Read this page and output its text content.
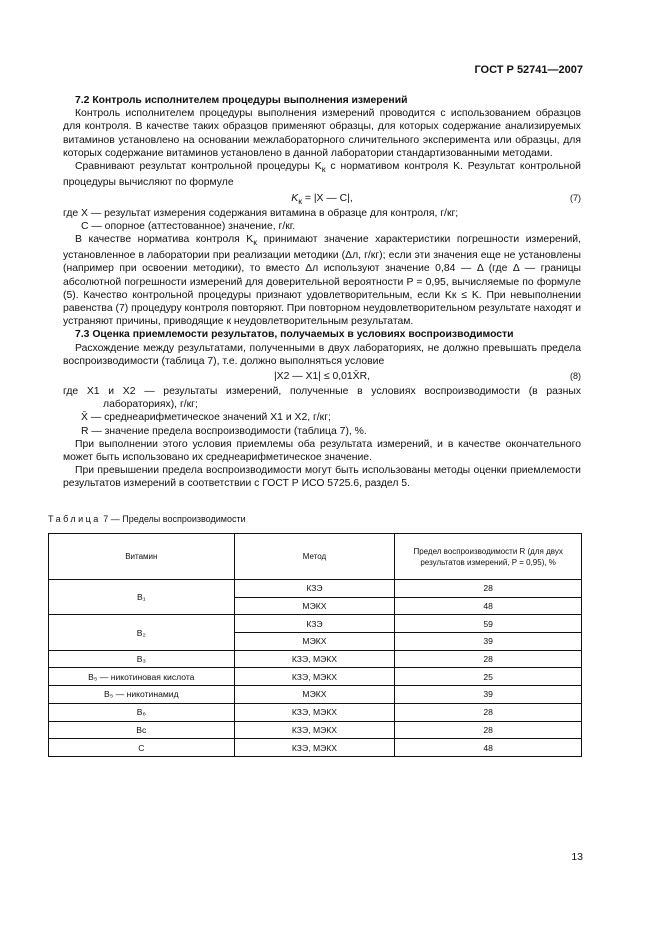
ГОСТ Р 52741—2007

7.2 Контроль исполнителем процедуры выполнения измерений

Контроль исполнителем процедуры выполнения измерений проводится с использованием образцов для контроля. В качестве таких образцов применяют образцы, для которых содержание анализируемых витаминов установлено на основании межлабораторного сличительного эксперимента или образцы, для которых содержание витаминов установлено в данной лаборатории стандартизованными методами.

Сравнивают результат контрольной процедуры $K_к$ с нормативом контроля K. Результат контрольной процедуры вычисляют по формуле

$K_к = |X$ — C|,	(7)

где X — результат измерения содержания витамина в образце для контроля, г/кг;

C — опорное (аттестованное) значение, г/кг.

В качестве норматива контроля $K_к$ принимают значение характеристики погрешности измерений, установленное в лаборатории при реализации методики (Δл, г/кг); если эти значения еще не установлены (например при освоении методики), то вместо Δл используют значение 0,84 — Δ (где Δ — границы абсолютной погрешности измерений для доверительной вероятности P = 0,95, вычисляемые по формуле (5). Качество контрольной процедуры признают удовлетворительным, если Kк ≤ K. При невыполнении равенства (7) процедуру контроля повторяют. При повторном неудовлетворительном результате находят и устраняют причины, приводящие к неудовлетворительным результатам.

7.3 Оценка приемлемости результатов, получаемых в условиях воспроизводимости

Расхождение между результатами, полученными в двух лабораториях, не должно превышать предела воспроизводимости (таблица 7), т.е. должно выполняться условие

|X2 — X1| ≤ 0,01X̄R,	(8)

где X1 и X2 — результаты измерений, полученные в условиях воспроизводимости (в разных лабораториях), г/кг;

X̄ — среднеарифметическое значений X1 и X2, г/кг;

R — значение предела воспроизводимости (таблица 7), %.

При выполнении этого условия приемлемы оба результата измерений, и в качестве окончательного может быть использовано их среднеарифметическое значение.

При превышении предела воспроизводимости могут быть использованы методы оценки приемлемости результатов измерений в соответствии с ГОСТ Р ИСО 5725.6, раздел 5.

Таблица 7 — Пределы воспроизводимости
Витамин	Метод	Предел воспроизводимости R (для двух результатов измерений, P = 0,95), %
B₁	КЗЭ	28
	МЭКХ	48
B₂	КЗЭ	59
	МЭКХ	39
B₃	КЗЭ, МЭКХ	28
B₅ — никотиновая кислота	КЗЭ, МЭКХ	25
B₅ — никотинамид	МЭКХ	39
B₆	КЗЭ, МЭКХ	28
Bс	КЗЭ, МЭКХ	28
C	КЗЭ, МЭКХ	48
13
